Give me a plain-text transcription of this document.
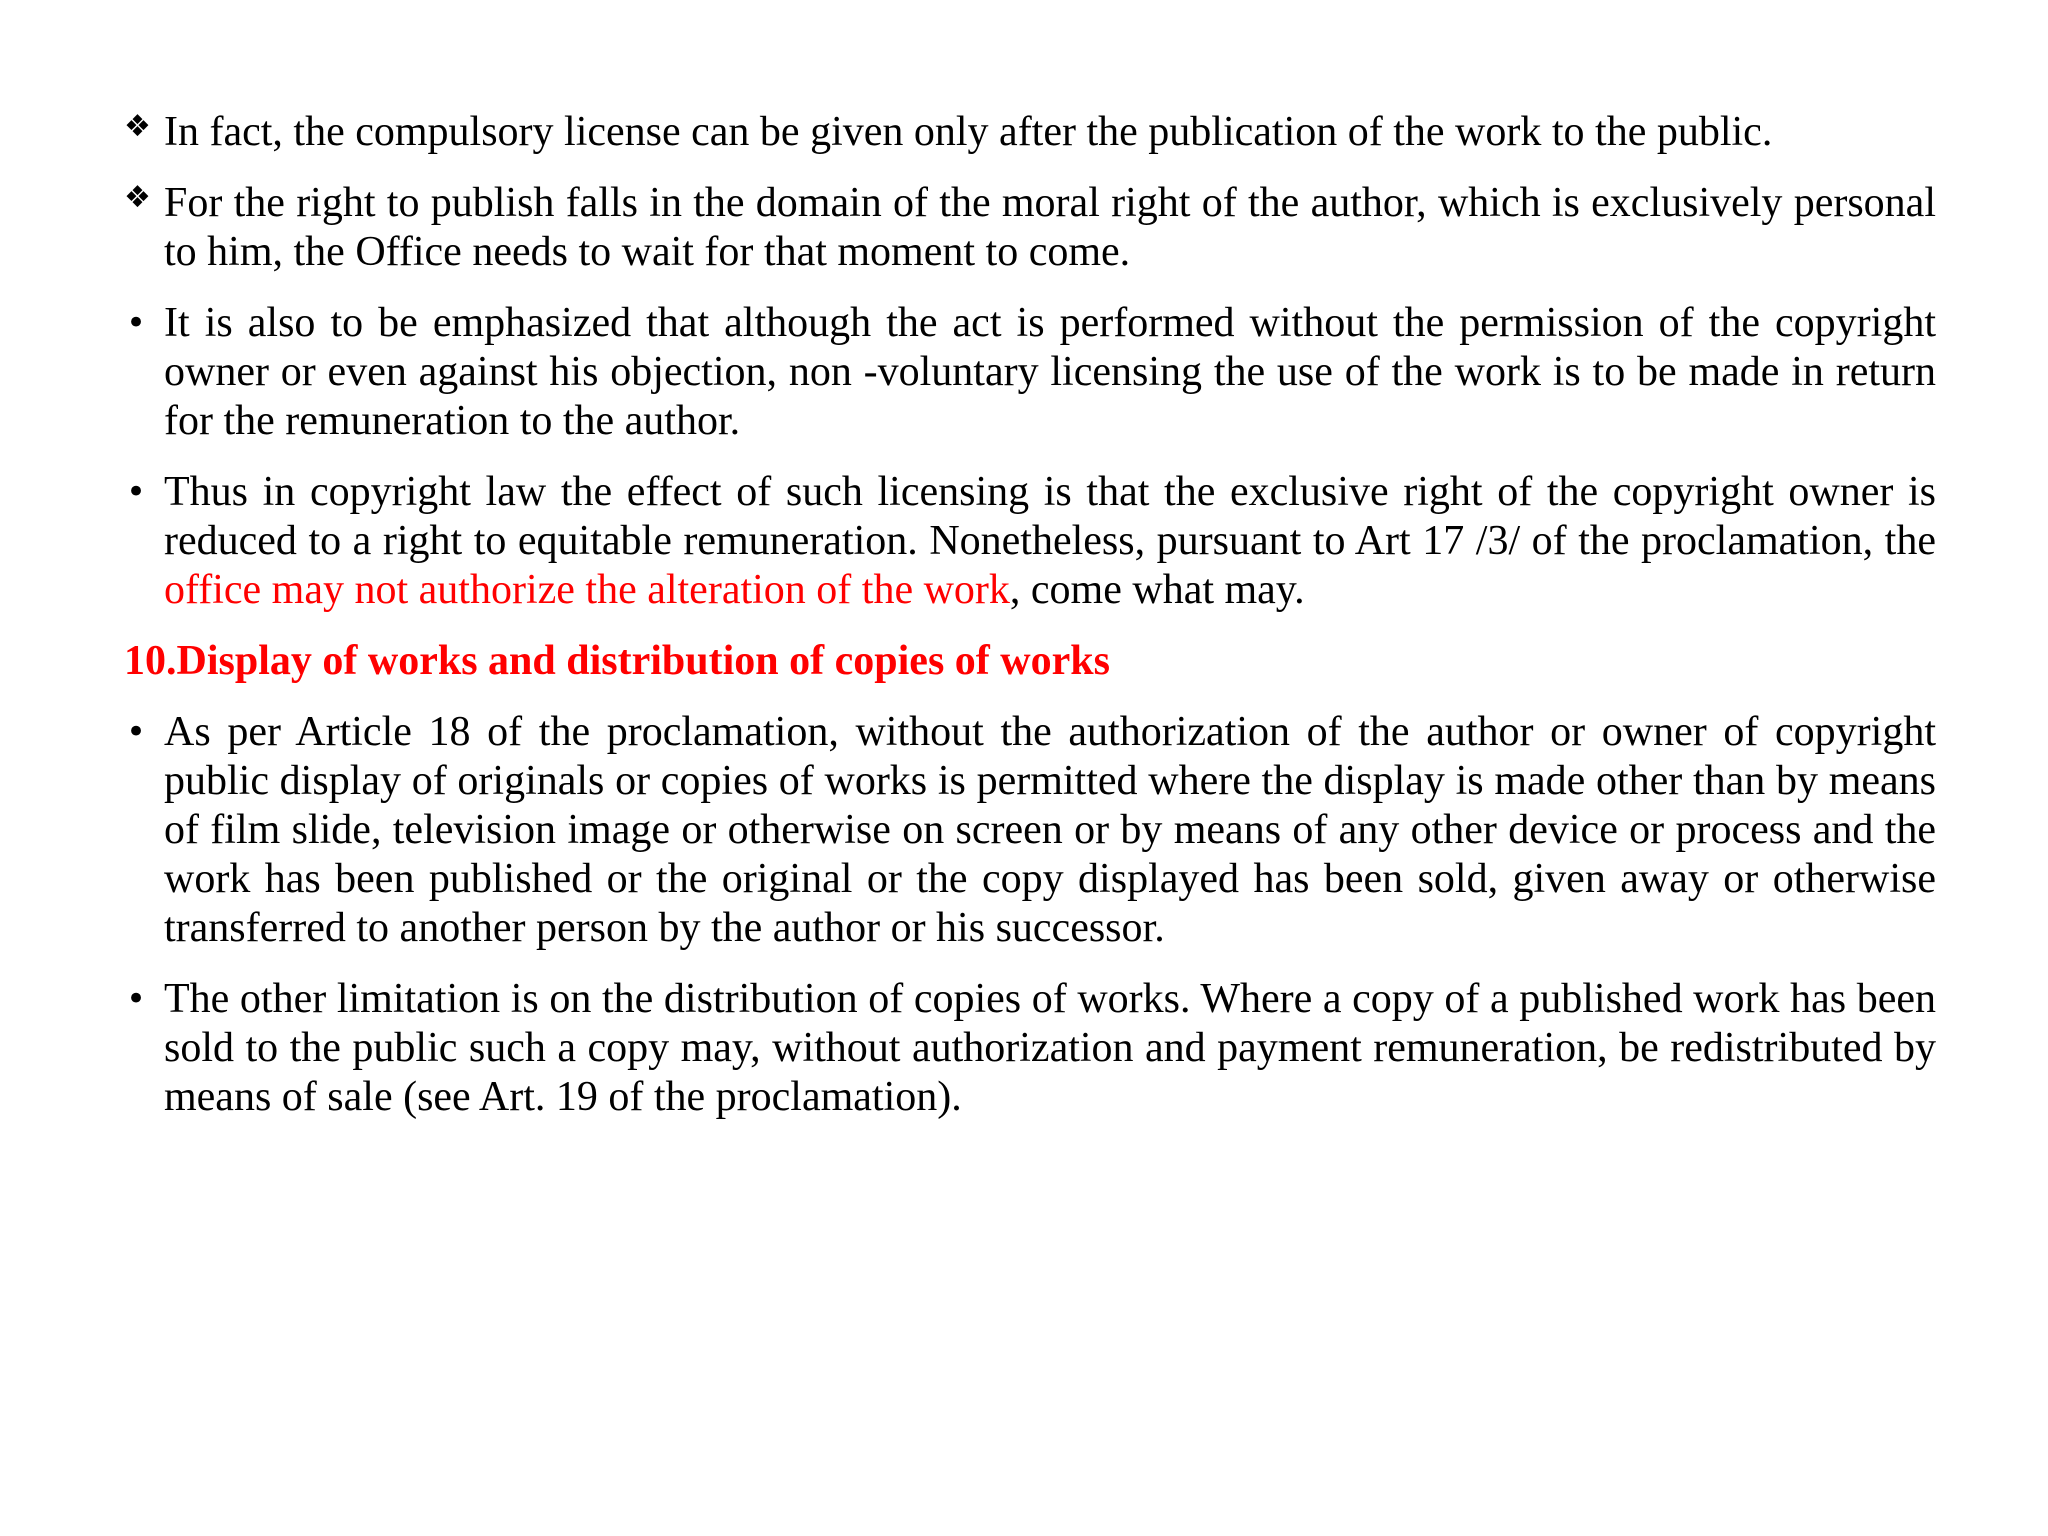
❖ In fact, the compulsory license can be given only after the publication of the work to the public.
❖ For the right to publish falls in the domain of the moral right of the author, which is exclusively personal to him, the Office needs to wait for that moment to come.
• It is also to be emphasized that although the act is performed without the permission of the copyright owner or even against his objection, non -voluntary licensing the use of the work is to be made in return for the remuneration to the author.
• Thus in copyright law the effect of such licensing is that the exclusive right of the copyright owner is reduced to a right to equitable remuneration. Nonetheless, pursuant to Art 17 /3/ of the proclamation, the office may not authorize the alteration of the work, come what may.
10.Display of works and distribution of copies of works
• As per Article 18 of the proclamation, without the authorization of the author or owner of copyright public display of originals or copies of works is permitted where the display is made other than by means of film slide, television image or otherwise on screen or by means of any other device or process and the work has been published or the original or the copy displayed has been sold, given away or otherwise transferred to another person by the author or his successor.
• The other limitation is on the distribution of copies of works. Where a copy of a published work has been sold to the public such a copy may, without authorization and payment remuneration, be redistributed by means of sale (see Art. 19 of the proclamation).
